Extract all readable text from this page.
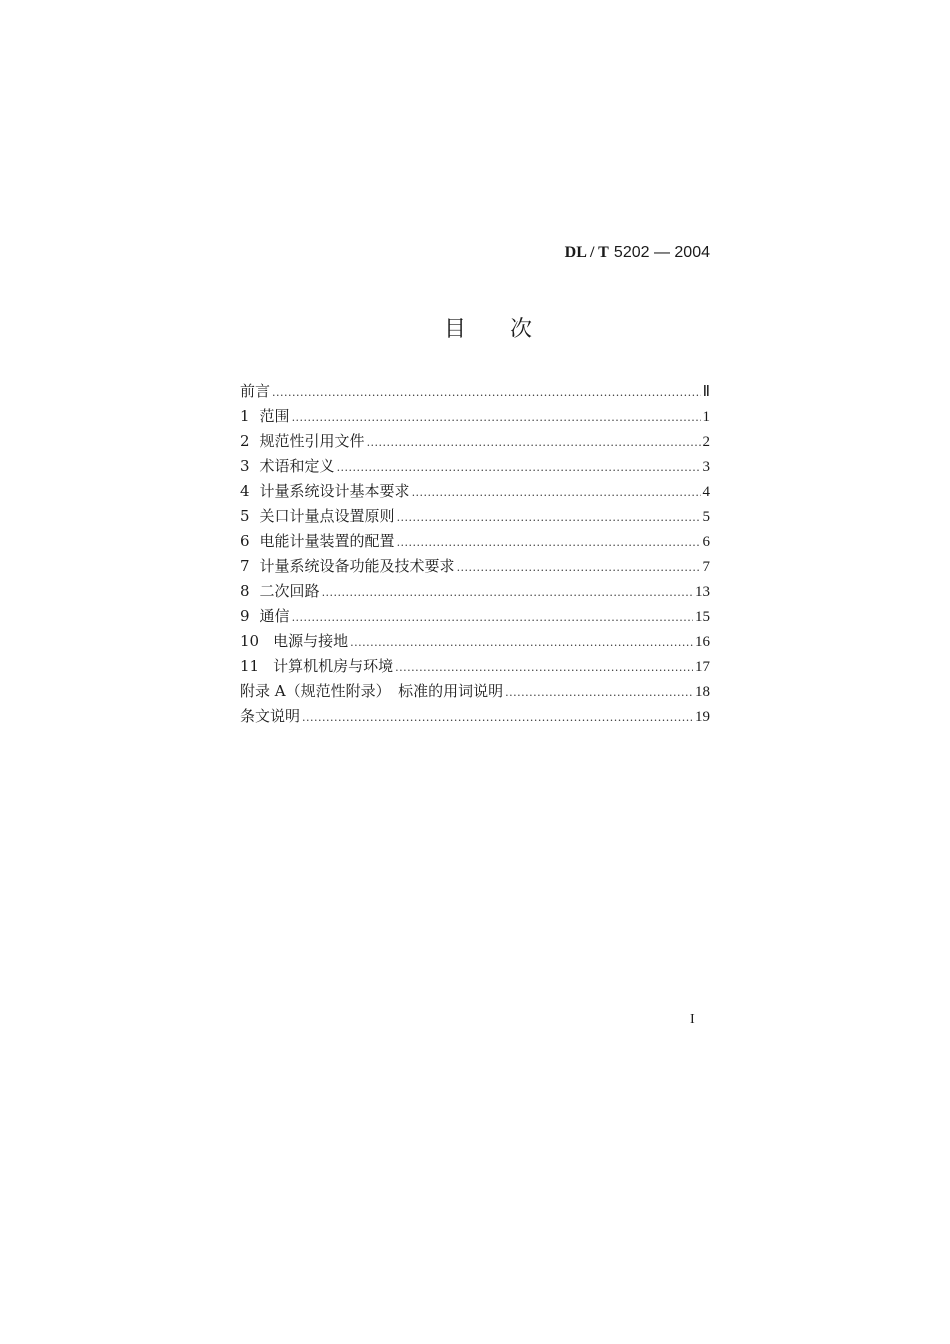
DL / T 5202 — 2004
目次
前言 .....	Ⅱ
1 范围 .....	1
2 规范性引用文件 .....	2
3 术语和定义 .....	3
4 计量系统设计基本要求 .....	4
5 关口计量点设置原则 .....	5
6 电能计量装置的配置 .....	6
7 计量系统设备功能及技术要求 .....	7
8 二次回路 .....	13
9 通信 .....	15
10 电源与接地 .....	16
11 计算机机房与环境 .....	17
附录 A（规范性附录）　标准的用词说明 .....	18
条文说明 .....	19
I
